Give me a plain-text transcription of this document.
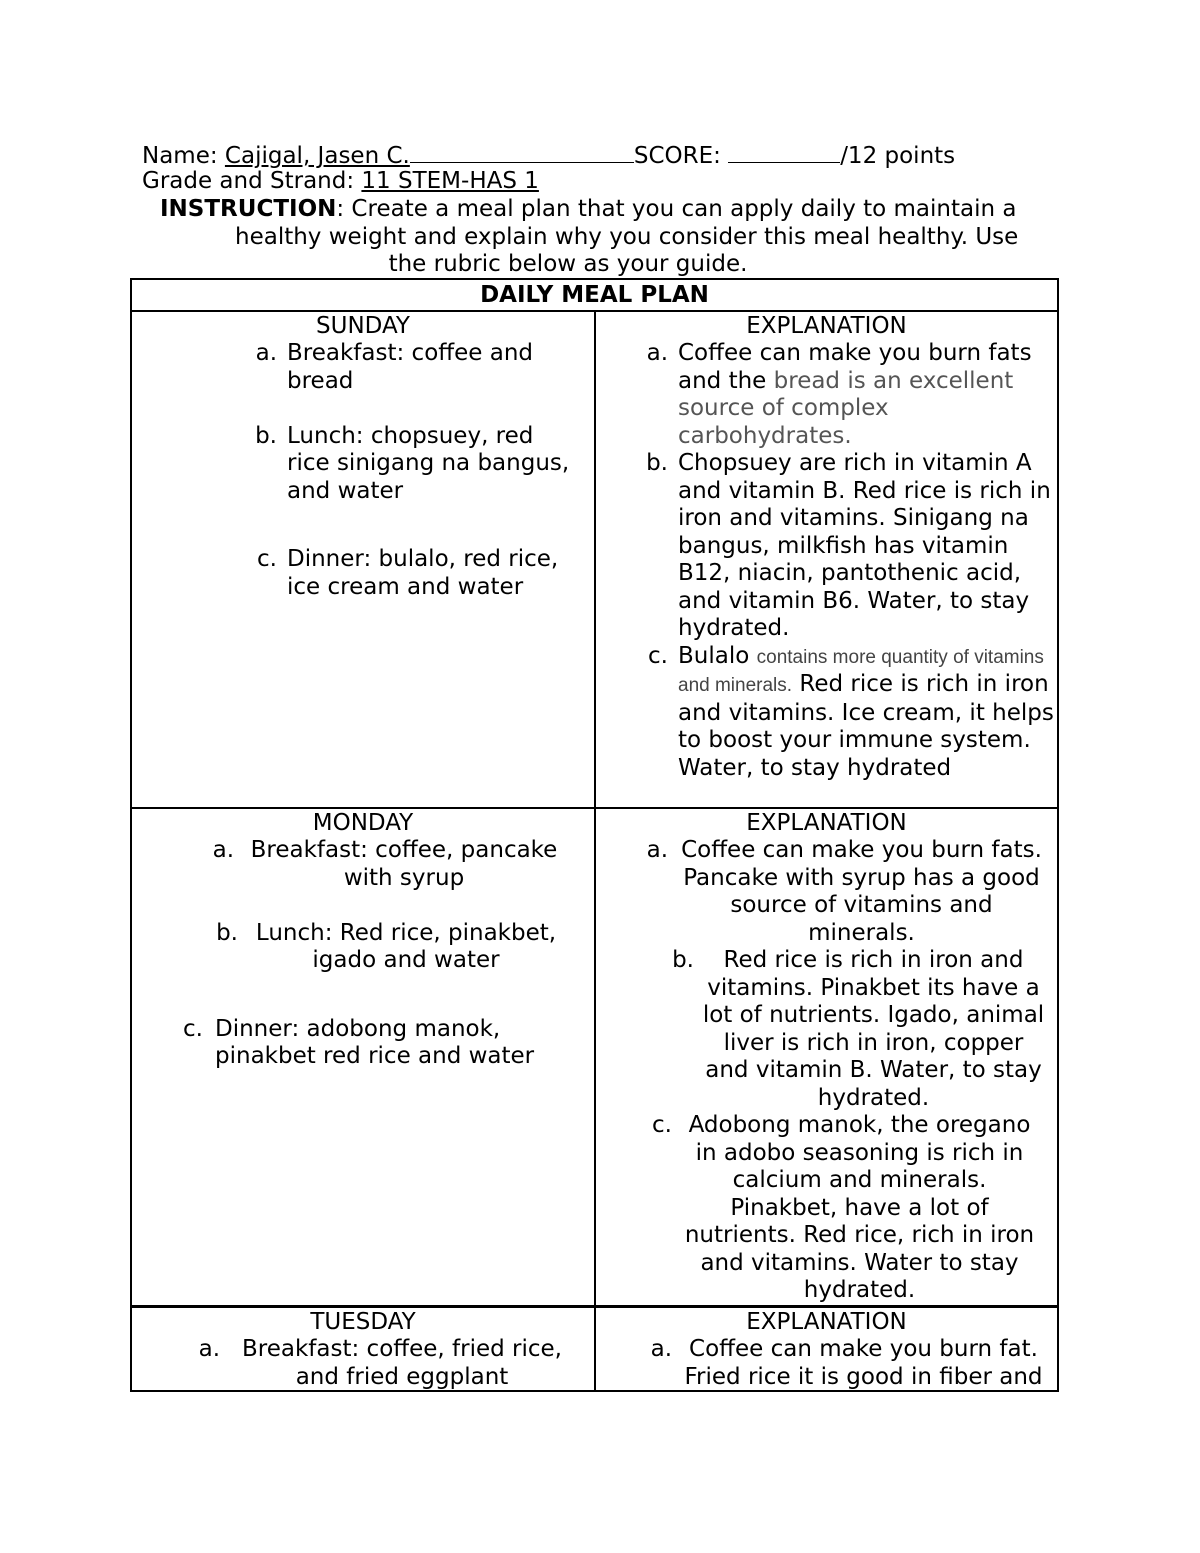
Name: Cajigal, Jasen C.	SCORE:	/12 points
Grade and Strand: 11 STEM-HAS 1

INSTRUCTION: Create a meal plan that you can apply daily to maintain a

healthy weight and explain why you consider this meal healthy. Use

the rubric below as your guide.

DAILY MEAL PLAN
SUNDAY
a. Breakfast: coffee and bread
b. Lunch: chopsuey, red rice sinigang na bangus, and water
c. Dinner: bulalo, red rice, ice cream and water
EXPLANATION
a. Coffee can make you burn fats and the bread is an excellent source of complex carbohydrates.
b. Chopsuey are rich in vitamin A and vitamin B. Red rice is rich in iron and vitamins. Sinigang na bangus, milkfish has vitamin B12, niacin, pantothenic acid, and vitamin B6. Water, to stay hydrated.
c. Bulalo contains more quantity of vitamins and minerals. Red rice is rich in iron and vitamins. Ice cream, it helps to boost your immune system. Water, to stay hydrated
MONDAY
a. Breakfast: coffee, pancake
with syrup
b. Lunch: Red rice, pinakbet,
igado and water
c. Dinner: adobong manok,
pinakbet red rice and water
EXPLANATION
a. Coffee can make you burn fats. Pancake with syrup has a good source of vitamins and minerals.
b.	Red rice is rich in iron and vitamins. Pinakbet its have a lot of nutrients. Igado, animal liver is rich in iron, copper and vitamin B. Water, to stay hydrated.
c. Adobong manok, the oregano in adobo seasoning is rich in calcium and minerals. Pinakbet, have a lot of nutrients. Red rice, rich in iron and vitamins. Water to stay hydrated.
TUESDAY
a. Breakfast: coffee, fried rice,
and fried eggplant
EXPLANATION
a. Coffee can make you burn fat.
Fried rice it is good in fiber and
